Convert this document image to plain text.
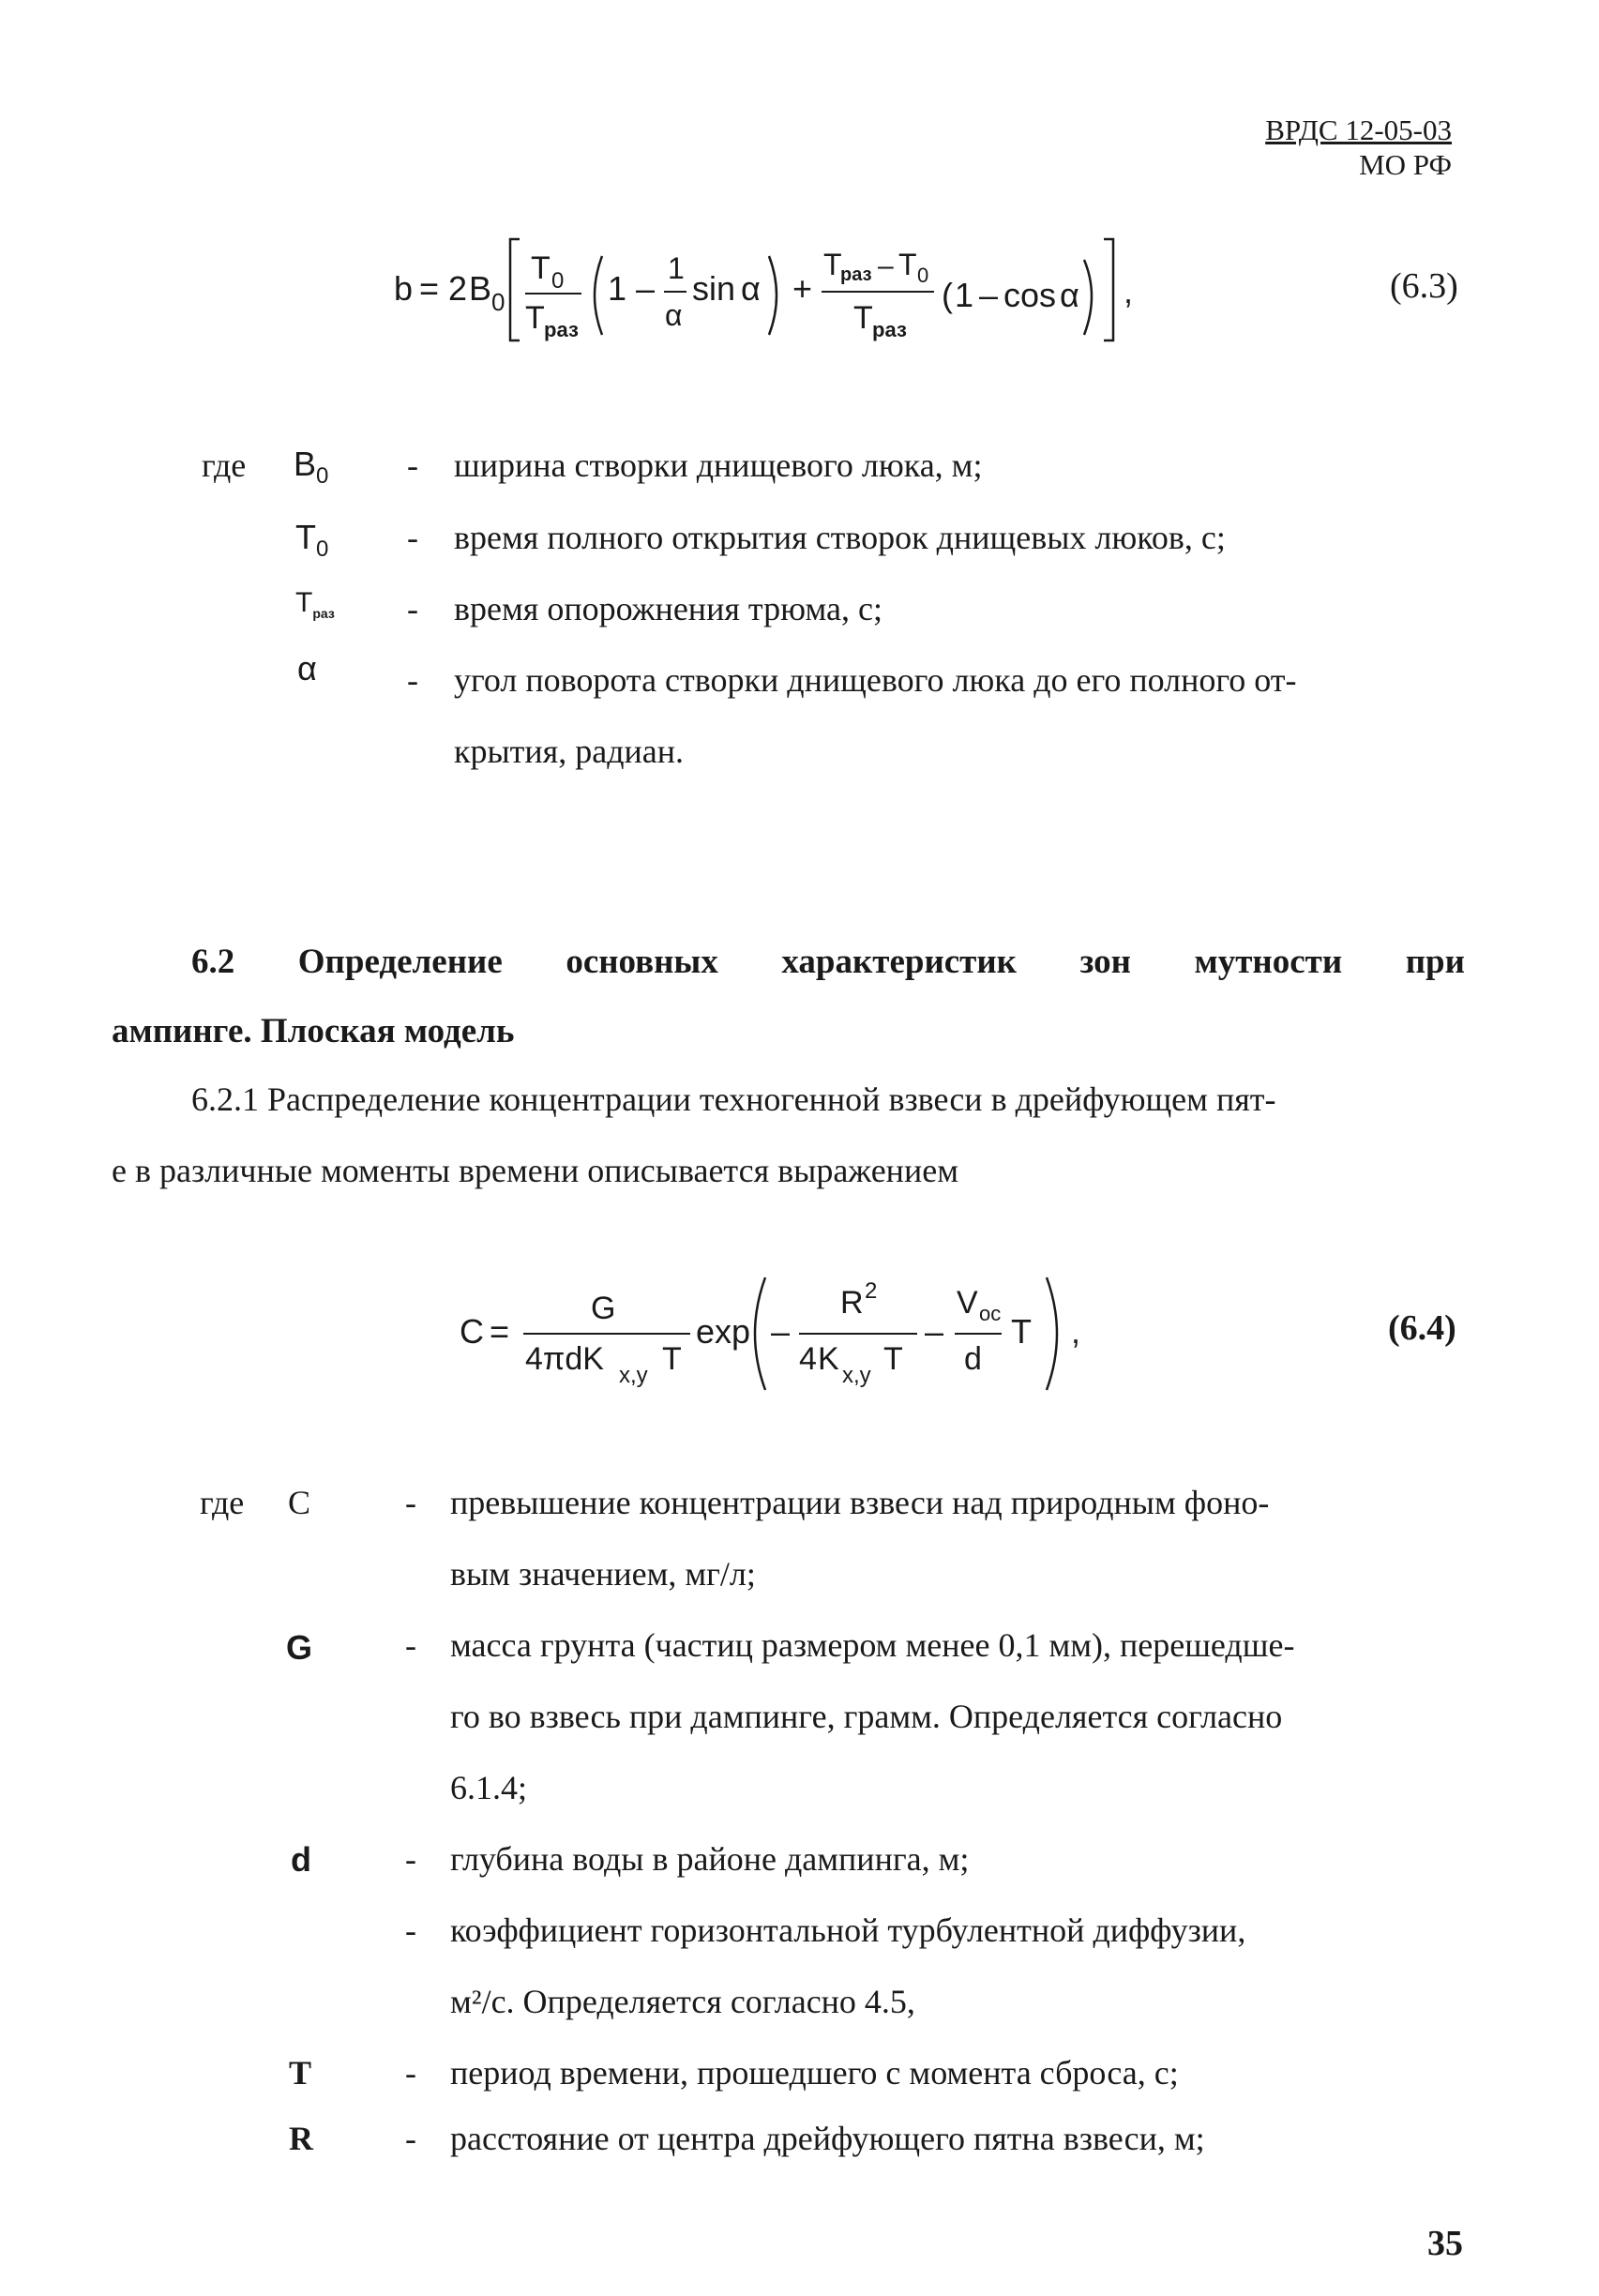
ВРДС 12-05-03
МО РФ
b = 2 B 0
T 0
T раз
1 –
1
α
sin α +
T
раз – T 0
T раз
( 1 – cos α ,	(6.3)
где $B_0$ - ширина створки днищевого люка, м;
$T_0$ - время полного открытия створок днищевых люков, с;
$T_{раз}$ - время опорожнения трюма, с;
α	- угол поворота створки днищевого люка до его полного от-
крытия, радиан.
6.2 Определение основных характеристик зон мутности при
ампинге. Плоская модель
6.2.1 Распределение концентрации техногенной взвеси в дрейфующем пят-
е в различные моменты времени описывается выражением
C =
G
4πdK x,y T
exp –
R 2
4 K x,y T
–
V ос
d
T ,	(6.4)
где C	- превышение концентрации взвеси над природным фоно-
вым значением, мг/л;
G	- масса грунта (частиц размером менее 0,1 мм), перешедше-
го во взвесь при дампинге, грамм. Определяется согласно
6.1.4;
d	- глубина воды в районе дампинга, м;
- коэффициент горизонтальной турбулентной диффузии,
м²/с. Определяется согласно 4.5,
T	- период времени, прошедшего с момента сброса, с;
R	- расстояние от центра дрейфующего пятна взвеси, м;
35
